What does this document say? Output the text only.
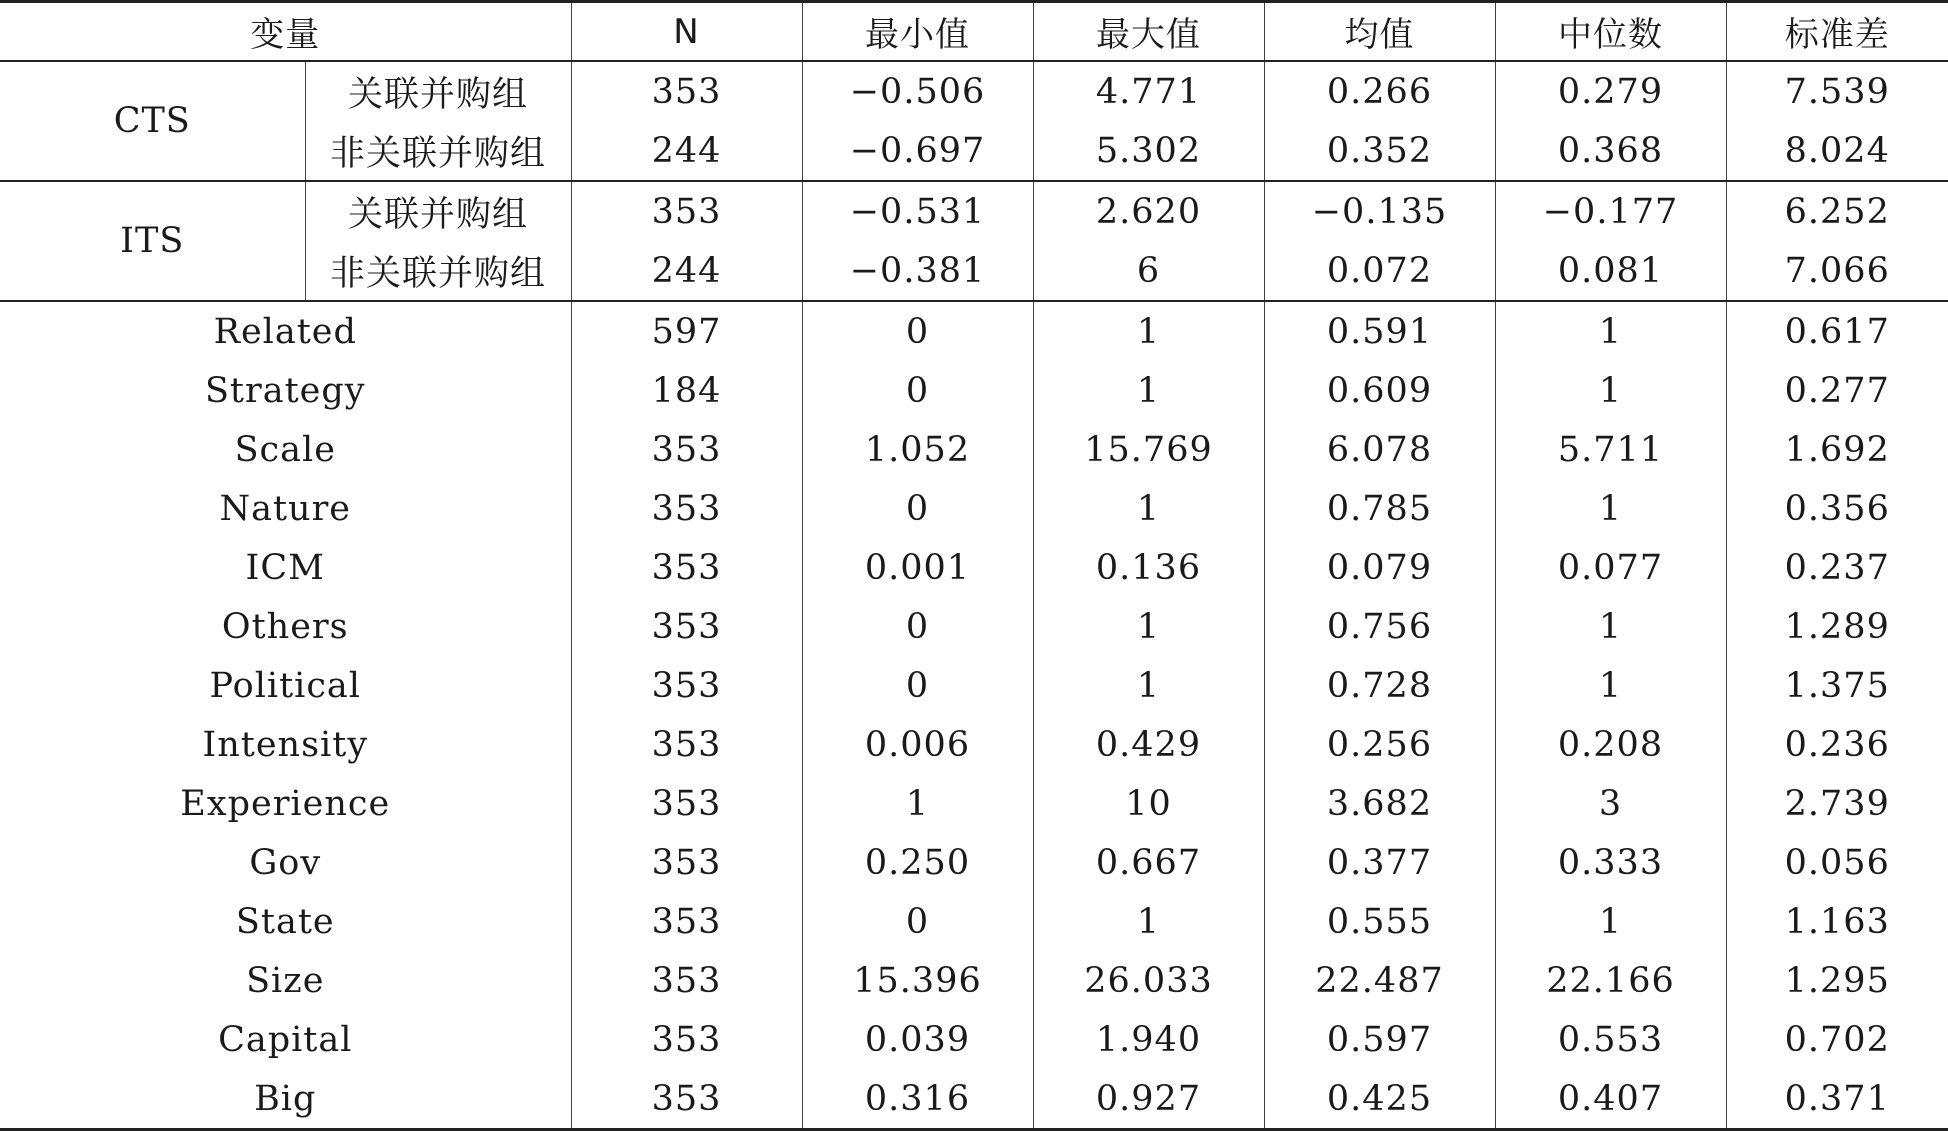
变量		N	最小值	最大值	均值	中位数	标准差
CTS	关联并购组	353	−0.506	4.771	0.266	0.279	7.539
	非关联并购组	244	−0.697	5.302	0.352	0.368	8.024
ITS	关联并购组	353	−0.531	2.620	−0.135	−0.177	6.252
	非关联并购组	244	−0.381	6	0.072	0.081	7.066
Related		597	0	1	0.591	1	0.617
Strategy		184	0	1	0.609	1	0.277
Scale		353	1.052	15.769	6.078	5.711	1.692
Nature		353	0	1	0.785	1	0.356
ICM		353	0.001	0.136	0.079	0.077	0.237
Others		353	0	1	0.756	1	1.289
Political		353	0	1	0.728	1	1.375
Intensity		353	0.006	0.429	0.256	0.208	0.236
Experience		353	1	10	3.682	3	2.739
Gov		353	0.250	0.667	0.377	0.333	0.056
State		353	0	1	0.555	1	1.163
Size		353	15.396	26.033	22.487	22.166	1.295
Capital		353	0.039	1.940	0.597	0.553	0.702
Big		353	0.316	0.927	0.425	0.407	0.371
